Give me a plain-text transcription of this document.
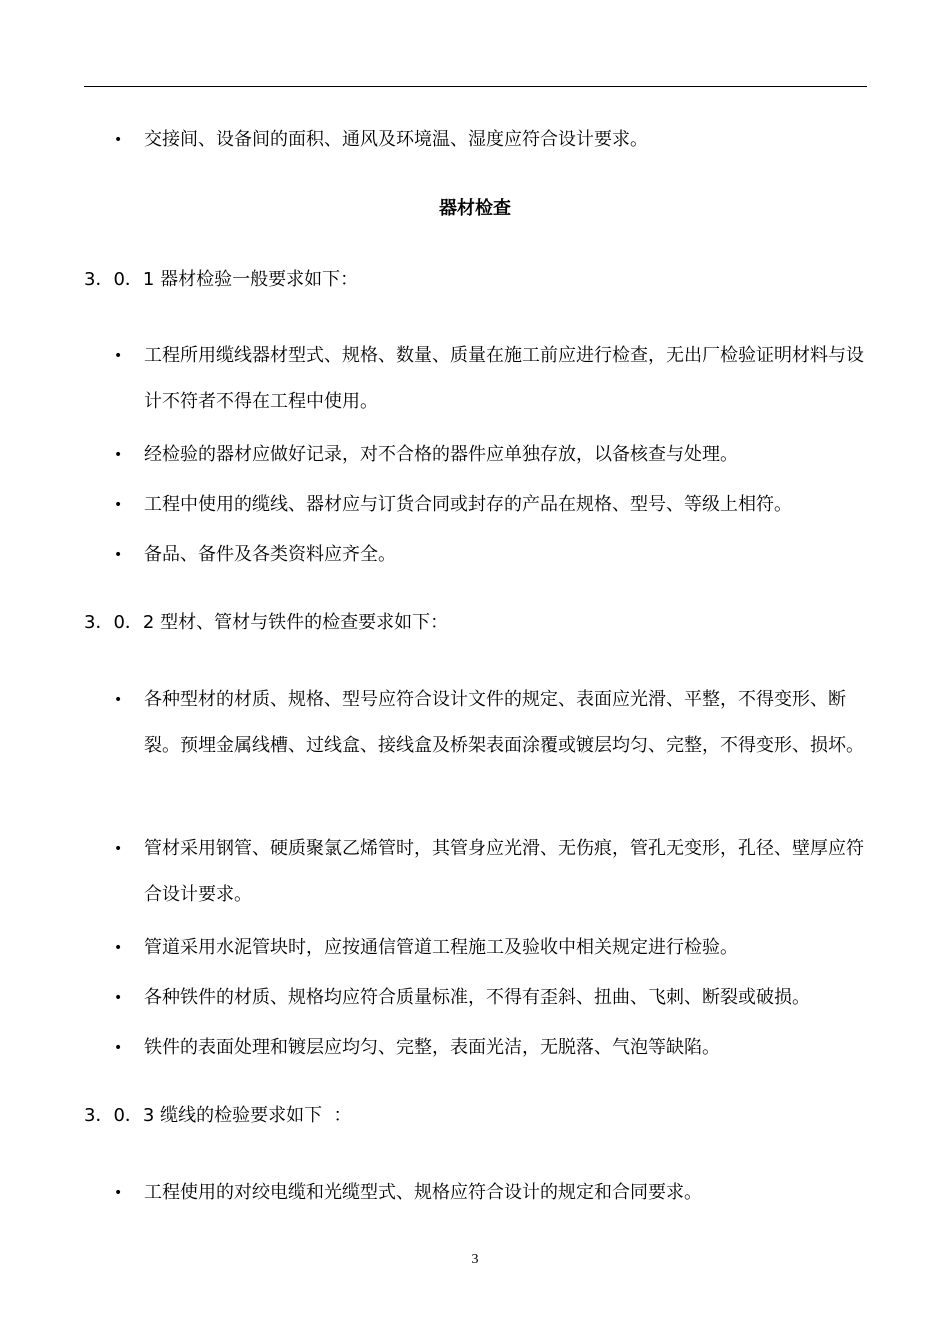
• 交接间、设备间的面积、通风及环境温、湿度应符合设计要求。

器材检查

3．0．1 器材检验一般要求如下：

• 工程所用缆线器材型式、规格、数量、质量在施工前应进行检查，无出厂检验证明材料与设计不符者不得在工程中使用。

• 经检验的器材应做好记录，对不合格的器件应单独存放，以备核查与处理。

• 工程中使用的缆线、器材应与订货合同或封存的产品在规格、型号、等级上相符。

• 备品、备件及各类资料应齐全。

3．0．2 型材、管材与铁件的检查要求如下：

• 各种型材的材质、规格、型号应符合设计文件的规定、表面应光滑、平整，不得变形、断裂。预埋金属线槽、过线盒、接线盒及桥架表面涂覆或镀层均匀、完整，不得变形、损坏。

• 管材采用钢管、硬质聚氯乙烯管时，其管身应光滑、无伤痕，管孔无变形，孔径、壁厚应符合设计要求。

• 管道采用水泥管块时，应按通信管道工程施工及验收中相关规定进行检验。

• 各种铁件的材质、规格均应符合质量标准，不得有歪斜、扭曲、飞刺、断裂或破损。

• 铁件的表面处理和镀层应均匀、完整，表面光洁，无脱落、气泡等缺陷。

3．0．3 缆线的检验要求如下  ：

• 工程使用的对绞电缆和光缆型式、规格应符合设计的规定和合同要求。

3
